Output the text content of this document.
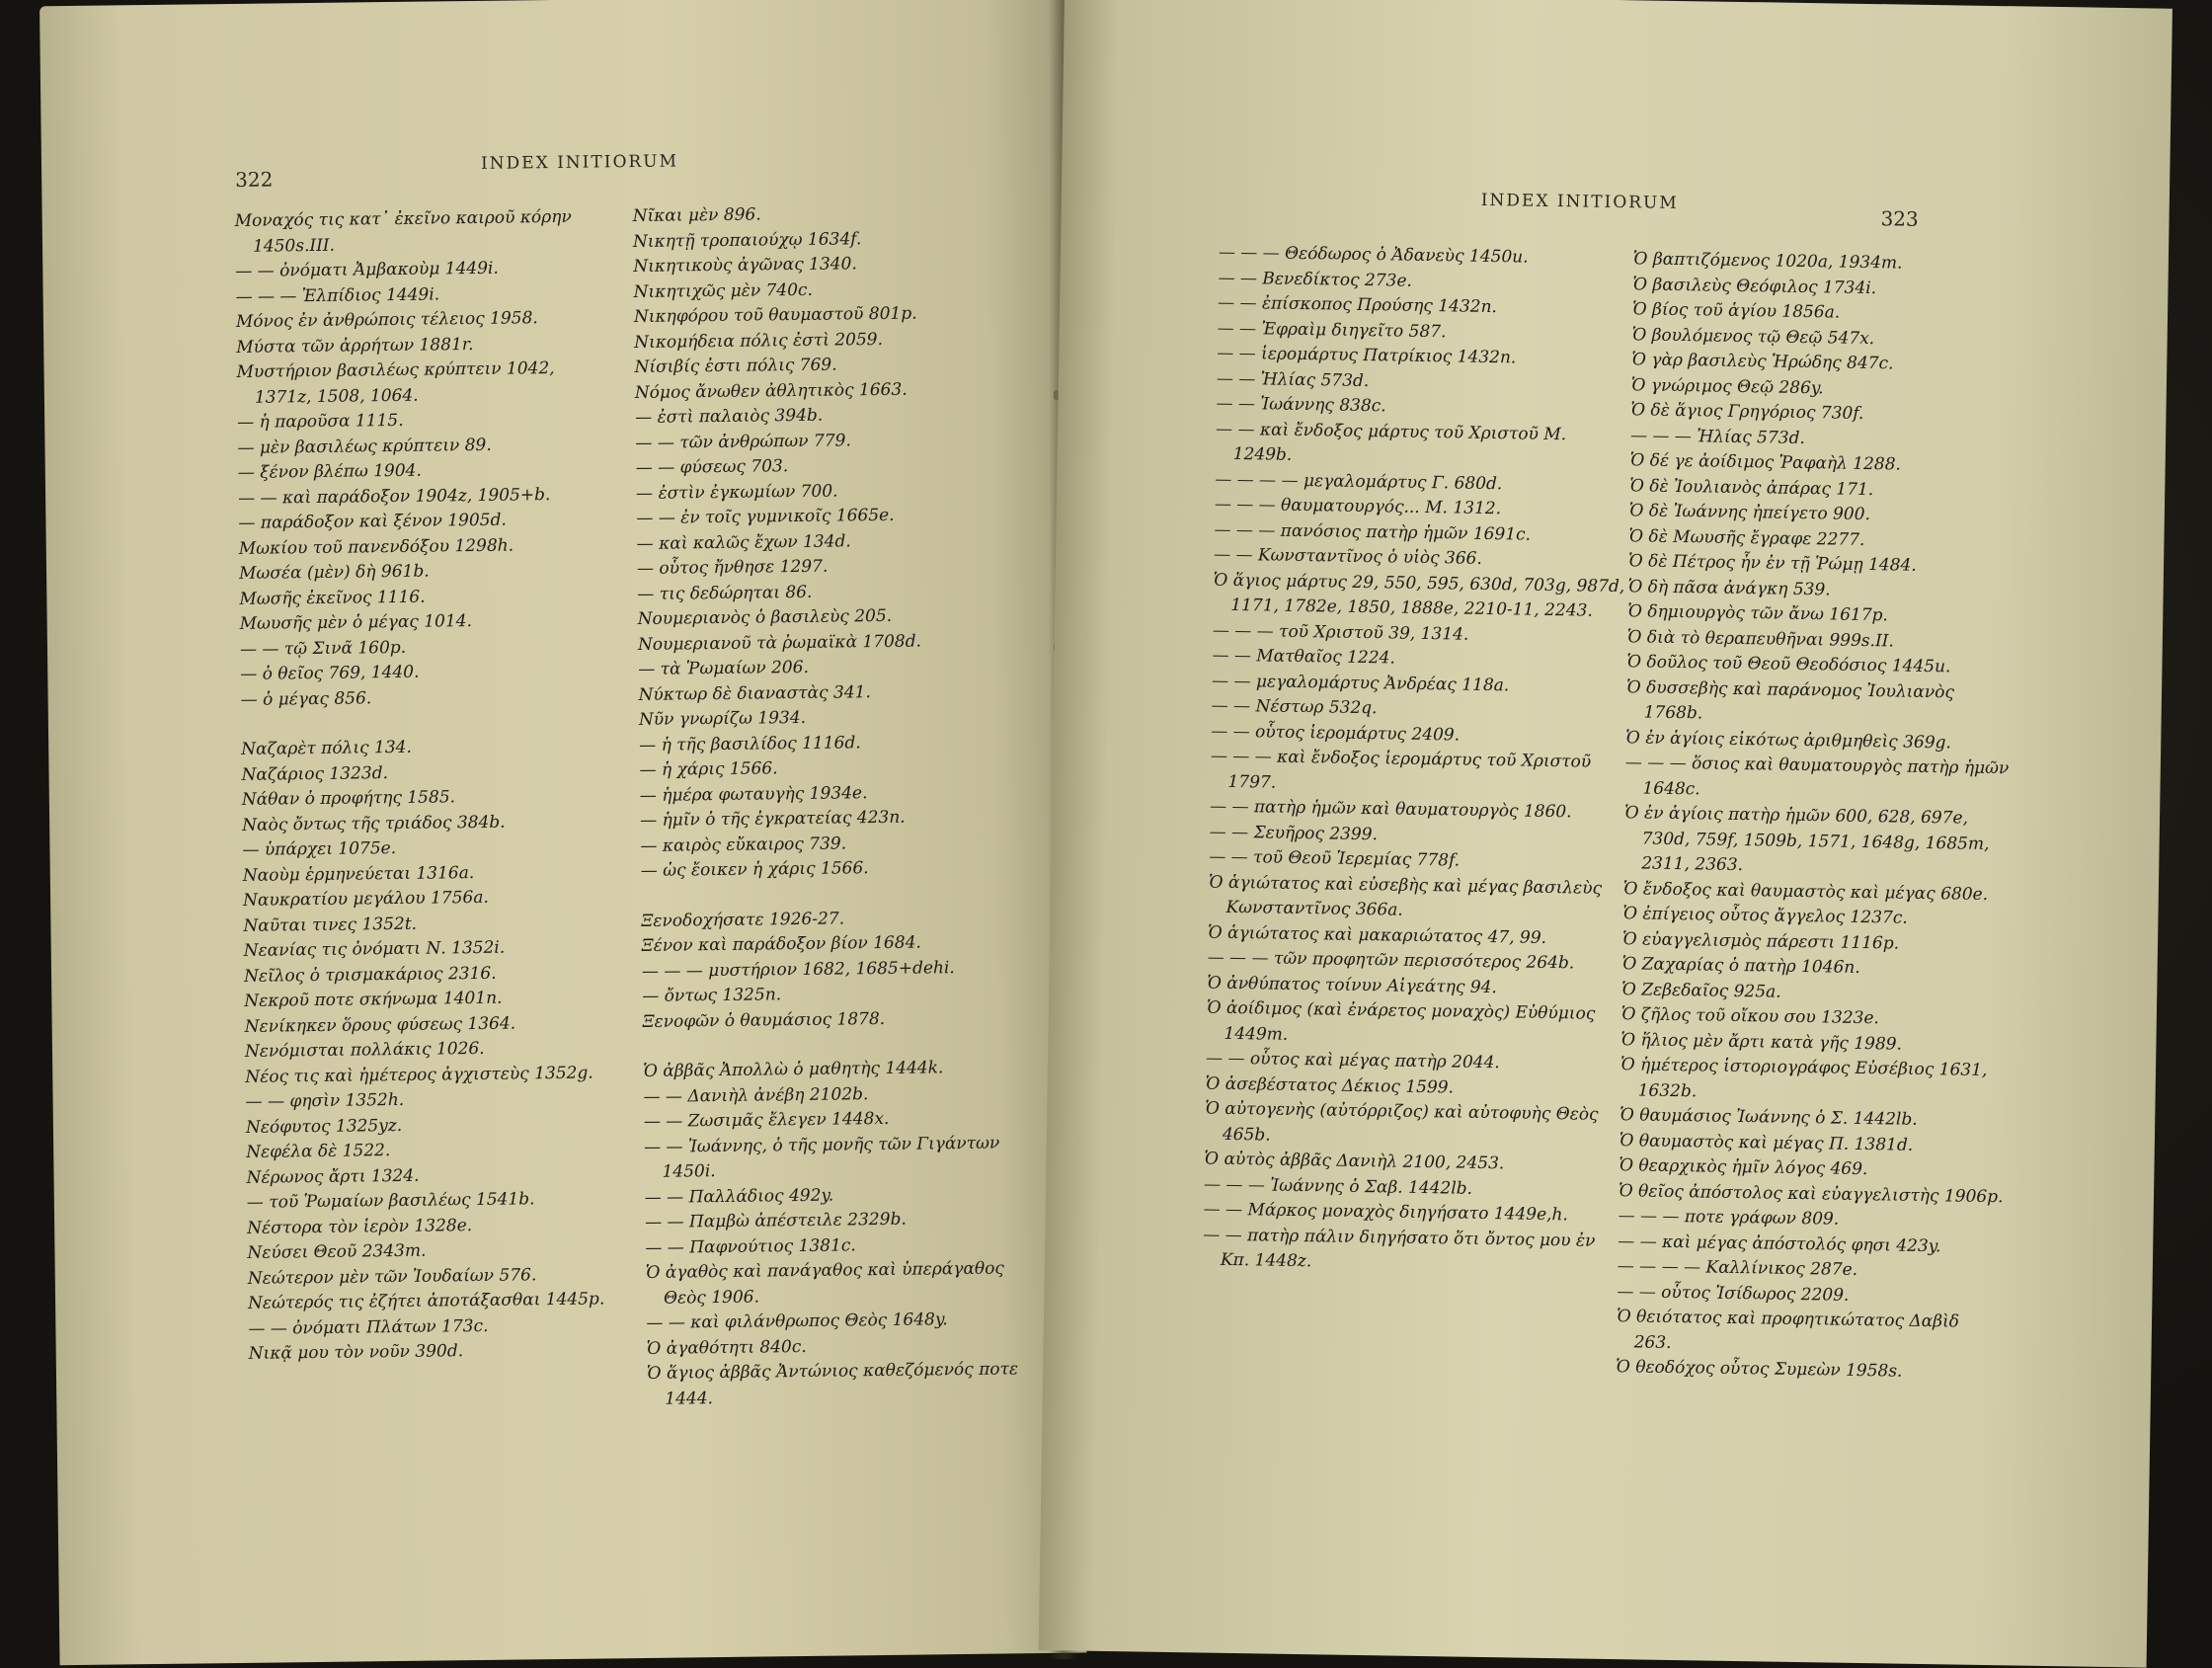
322
INDEX INITIORUM
Μοναχός τις κατ᾽ ἐκεῖνο καιροῦ κόρην 1450s.III.
— — ὀνόματι Ἀμβακοὺμ 1449i.
— — — Ἐλπίδιος 1449i.
Μόνος ἐν ἀνθρώποις τέλειος 1958.
Μύστα τῶν ἀρρήτων 1881r.
Μυστήριον βασιλέως κρύπτειν 1042, 1371z, 1508, 1064.
— ἡ παροῦσα 1115.
— μὲν βασιλέως κρύπτειν 89.
— ξένον βλέπω 1904.
— — καὶ παράδοξον 1904z, 1905+b.
— παράδοξον καὶ ξένον 1905d.
Μωκίου τοῦ πανενδόξου 1298h.
Μωσέα (μὲν) δὴ 961b.
Μωσῆς ἐκεῖνος 1116.
Μωυσῆς μὲν ὁ μέγας 1014.
— — τῷ Σινᾶ 160p.
— ὁ θεῖος 769, 1440.
— ὁ μέγας 856.
Ναζαρὲτ πόλις 134.
Ναζάριος 1323d.
Νάθαν ὁ προφήτης 1585.
Ναὸς ὄντως τῆς τριάδος 384b.
— ὑπάρχει 1075e.
Ναοὺμ ἑρμηνεύεται 1316a.
Ναυκρατίου μεγάλου 1756a.
Ναῦται τινες 1352t.
Νεανίας τις ὀνόματι Ν. 1352i.
Νεῖλος ὁ τρισμακάριος 2316.
Νεκροῦ ποτε σκήνωμα 1401n.
Νενίκηκεν ὅρους φύσεως 1364.
Νενόμισται πολλάκις 1026.
Νέος τις καὶ ἡμέτερος ἀγχιστεὺς 1352g.
— — φησὶν 1352h.
Νεόφυτος 1325yz.
Νεφέλα δὲ 1522.
Νέρωνος ἄρτι 1324.
— τοῦ Ῥωμαίων βασιλέως 1541b.
Νέστορα τὸν ἱερὸν 1328e.
Νεύσει Θεοῦ 2343m.
Νεώτερον μὲν τῶν Ἰουδαίων 576.
Νεώτερός τις ἐζήτει ἀποτάξασθαι 1445p.
— — ὀνόματι Πλάτων 173c.
Νικᾷ μου τὸν νοῦν 390d.
Νῖκαι μὲν 896.
Νικητῇ τροπαιούχῳ 1634f.
Νικητικοὺς ἀγῶνας 1340.
Νικητιχῶς μὲν 740c.
Νικηφόρου τοῦ θαυμαστοῦ 801p.
Νικομήδεια πόλις ἐστὶ 2059.
Νίσιβίς ἐστι πόλις 769.
Νόμος ἄνωθεν ἀθλητικὸς 1663.
— ἐστὶ παλαιὸς 394b.
— — τῶν ἀνθρώπων 779.
— — φύσεως 703.
— ἐστὶν ἐγκωμίων 700.
— — ἐν τοῖς γυμνικοῖς 1665e.
— καὶ καλῶς ἔχων 134d.
— οὗτος ἤνθησε 1297.
— τις δεδώρηται 86.
Νουμεριανὸς ὁ βασιλεὺς 205.
Νουμεριανοῦ τὰ ῥωμαϊκὰ 1708d.
— τὰ Ῥωμαίων 206.
Νύκτωρ δὲ διαναστὰς 341.
Νῦν γνωρίζω 1934.
— ἡ τῆς βασιλίδος 1116d.
— ἡ χάρις 1566.
— ἡμέρα φωταυγὴς 1934e.
— ἡμῖν ὁ τῆς ἐγκρατείας 423n.
— καιρὸς εὔκαιρος 739.
— ὡς ἔοικεν ἡ χάρις 1566.
Ξενοδοχήσατε 1926-27.
Ξένον καὶ παράδοξον βίον 1684.
— — — μυστήριον 1682, 1685+dehi.
— ὄντως 1325n.
Ξενοφῶν ὁ θαυμάσιος 1878.
Ὁ ἀββᾶς Ἀπολλὼ ὁ μαθητὴς 1444k.
— — Δανιὴλ ἀνέβη 2102b.
— — Ζωσιμᾶς ἔλεγεν 1448x.
— — Ἰωάννης, ὁ τῆς μονῆς τῶν Γιγάντων 1450i.
— — Παλλάδιος 492y.
— — Παμβὼ ἀπέστειλε 2329b.
— — Παφνούτιος 1381c.
Ὁ ἀγαθὸς καὶ πανάγαθος καὶ ὑπεράγαθος Θεὸς 1906.
— — καὶ φιλάνθρωπος Θεὸς 1648y.
Ὁ ἀγαθότητι 840c.
Ὁ ἅγιος ἀββᾶς Ἀντώνιος καθεζόμενός ποτε 1444.
INDEX INITIORUM
323
— — — Θεόδωρος ὁ Ἀδανεὺς 1450u.
— — Βενεδίκτος 273e.
— — ἐπίσκοπος Προύσης 1432n.
— — Ἐφραὶμ διηγεῖτο 587.
— — ἱερομάρτυς Πατρίκιος 1432n.
— — Ἠλίας 573d.
— — Ἰωάννης 838c.
— — καὶ ἔνδοξος μάρτυς τοῦ Χριστοῦ Μ. 1249b.
— — — — μεγαλομάρτυς Γ. 680d.
— — — θαυματουργός... Μ. 1312.
— — — πανόσιος πατὴρ ἡμῶν 1691c.
— — Κωνσταντῖνος ὁ υἱὸς 366.
Ὁ ἅγιος μάρτυς 29, 550, 595, 630d, 703g, 987d, 1171, 1782e, 1850, 1888e, 2210-11, 2243.
— — — τοῦ Χριστοῦ 39, 1314.
— — Ματθαῖος 1224.
— — μεγαλομάρτυς Ἀνδρέας 118a.
— — Νέστωρ 532q.
— — οὗτος ἱερομάρτυς 2409.
— — — καὶ ἔνδοξος ἱερομάρτυς τοῦ Χριστοῦ 1797.
— — πατὴρ ἡμῶν καὶ θαυματουργὸς 1860.
— — Σευῆρος 2399.
— — τοῦ Θεοῦ Ἱερεμίας 778f.
Ὁ ἁγιώτατος καὶ εὐσεβὴς καὶ μέγας βασιλεὺς Κωνσταντῖνος 366a.
Ὁ ἁγιώτατος καὶ μακαριώτατος 47, 99.
— — — τῶν προφητῶν περισσότερος 264b.
Ὁ ἀνθύπατος τοίνυν Αἰγεάτης 94.
Ὁ ἀοίδιμος (καὶ ἐνάρετος μοναχὸς) Εὐθύμιος 1449m.
— — οὗτος καὶ μέγας πατὴρ 2044.
Ὁ ἀσεβέστατος Δέκιος 1599.
Ὁ αὐτογενὴς (αὐτόρριζος) καὶ αὐτοφυὴς Θεὸς 465b.
Ὁ αὐτὸς ἀββᾶς Δανιὴλ 2100, 2453.
— — — Ἰωάννης ὁ Σαβ. 1442lb.
— — Μάρκος μοναχὸς διηγήσατο 1449e,h.
— — πατὴρ πάλιν διηγήσατο ὅτι ὄντος μου ἐν Κπ. 1448z.
Ὁ βαπτιζόμενος 1020a, 1934m.
Ὁ βασιλεὺς Θεόφιλος 1734i.
Ὁ βίος τοῦ ἁγίου 1856a.
Ὁ βουλόμενος τῷ Θεῷ 547x.
Ὁ γὰρ βασιλεὺς Ἡρώδης 847c.
Ὁ γνώριμος Θεῷ 286y.
Ὁ δὲ ἅγιος Γρηγόριος 730f.
— — — Ἠλίας 573d.
Ὁ δέ γε ἀοίδιμος Ῥαφαὴλ 1288.
Ὁ δὲ Ἰουλιανὸς ἀπάρας 171.
Ὁ δὲ Ἰωάννης ἠπείγετο 900.
Ὁ δὲ Μωυσῆς ἔγραφε 2277.
Ὁ δὲ Πέτρος ἦν ἐν τῇ Ῥώμῃ 1484.
Ὁ δὴ πᾶσα ἀνάγκη 539.
Ὁ δημιουργὸς τῶν ἄνω 1617p.
Ὁ διὰ τὸ θεραπευθῆναι 999s.II.
Ὁ δοῦλος τοῦ Θεοῦ Θεοδόσιος 1445u.
Ὁ δυσσεβὴς καὶ παράνομος Ἰουλιανὸς 1768b.
Ὁ ἐν ἁγίοις εἰκότως ἀριθμηθεὶς 369g.
— — — ὅσιος καὶ θαυματουργὸς πατὴρ ἡμῶν 1648c.
Ὁ ἐν ἁγίοις πατὴρ ἡμῶν 600, 628, 697e, 730d, 759f, 1509b, 1571, 1648g, 1685m, 2311, 2363.
Ὁ ἔνδοξος καὶ θαυμαστὸς καὶ μέγας 680e.
Ὁ ἐπίγειος οὗτος ἄγγελος 1237c.
Ὁ εὐαγγελισμὸς πάρεστι 1116p.
Ὁ Ζαχαρίας ὁ πατὴρ 1046n.
Ὁ Ζεβεδαῖος 925a.
Ὁ ζῆλος τοῦ οἴκου σου 1323e.
Ὁ ἥλιος μὲν ἄρτι κατὰ γῆς 1989.
Ὁ ἡμέτερος ἱστοριογράφος Εὐσέβιος 1631, 1632b.
Ὁ θαυμάσιος Ἰωάννης ὁ Σ. 1442lb.
Ὁ θαυμαστὸς καὶ μέγας Π. 1381d.
Ὁ θεαρχικὸς ἡμῖν λόγος 469.
Ὁ θεῖος ἀπόστολος καὶ εὐαγγελιστὴς 1906p.
— — — ποτε γράφων 809.
— — καὶ μέγας ἀπόστολός φησι 423y.
— — — — Καλλίνικος 287e.
— — οὗτος Ἰσίδωρος 2209.
Ὁ θειότατος καὶ προφητικώτατος Δαβὶδ 263.
Ὁ θεοδόχος οὗτος Συμεὼν 1958s.
